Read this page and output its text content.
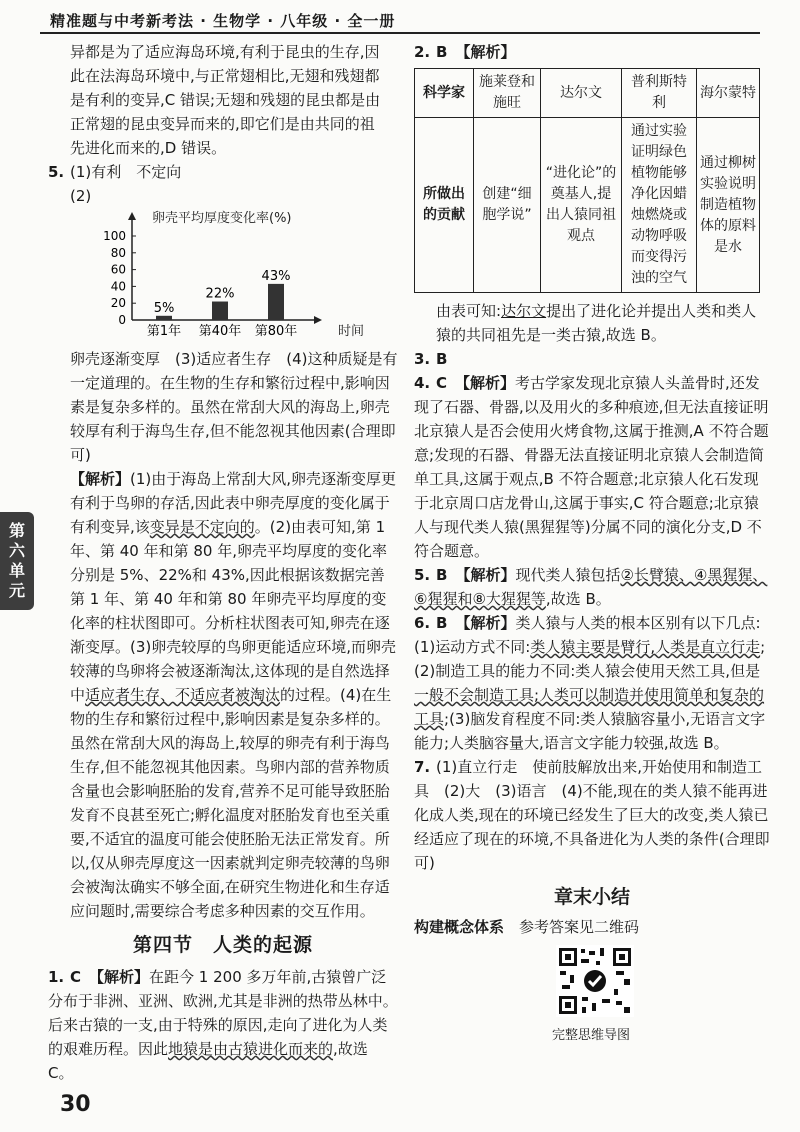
精准题与中考新考法 · 生物学 · 八年级 · 全一册

异都是为了适应海岛环境,有利于昆虫的生存,因

此在法海岛环境中,与正常翅相比,无翅和残翅都

是有利的变异,C 错误;无翅和残翅的昆虫都是由

正常翅的昆虫变异而来的,即它们是由共同的祖

先进化而来的,D 错误。

5. (1)有利　不定向

(2)

卵壳平均厚度变化率(%)
100
80
60
40
20
0
5%
第1年
22%
第40年
43%
第80年	时间

卵壳逐渐变厚　(3)适应者生存　(4)这种质疑是有一定道理的。在生物的生存和繁衍过程中,影响因素是复杂多样的。虽然在常刮大风的海岛上,卵壳较厚有利于海鸟生存,但不能忽视其他因素(合理即可)

【解析】(1)由于海岛上常刮大风,卵壳逐渐变厚更有利于鸟卵的存活,因此表中卵壳厚度的变化属于有利变异,该变异是不定向的。(2)由表可知,第 1 年、第 40 年和第 80 年,卵壳平均厚度的变化率分别是 5%、22%和 43%,因此根据该数据完善第 1 年、第 40 年和第 80 年卵壳平均厚度的变化率的柱状图即可。分析柱状图表可知,卵壳在逐渐变厚。(3)卵壳较厚的鸟卵更能适应环境,而卵壳较薄的鸟卵将会被逐渐淘汰,这体现的是自然选择中适应者生存、不适应者被淘汰的过程。(4)在生物的生存和繁衍过程中,影响因素是复杂多样的。虽然在常刮大风的海岛上,较厚的卵壳有利于海鸟生存,但不能忽视其他因素。鸟卵内部的营养物质含量也会影响胚胎的发育,营养不足可能导致胚胎发育不良甚至死亡;孵化温度对胚胎发育也至关重要,不适宜的温度可能会使胚胎无法正常发育。所以,仅从卵壳厚度这一因素就判定卵壳较薄的鸟卵会被淘汰确实不够全面,在研究生物进化和生存适应问题时,需要综合考虑多种因素的交互作用。

第四节　人类的起源

1. C 【解析】在距今 1 200 多万年前,古猿曾广泛分布于非洲、亚洲、欧洲,尤其是非洲的热带丛林中。后来古猿的一支,由于特殊的原因,走向了进化为人类的艰难历程。因此地猿是由古猿进化而来的,故选 C。

2. B 【解析】

科学家	施莱登和施旺	达尔文	普利斯特利	海尔蒙特
所做出的贡献	创建“细胞学说”	“进化论”的奠基人,提出人猿同祖观点	通过实验证明绿色植物能够净化因蜡烛燃烧或动物呼吸而变得污浊的空气	通过柳树实验说明制造植物体的原料是水

由表可知:达尔文提出了进化论并提出人类和类人猿的共同祖先是一类古猿,故选 B。

3. B

4. C 【解析】考古学家发现北京猿人头盖骨时,还发现了石器、骨器,以及用火的多种痕迹,但无法直接证明北京猿人是否会使用火烤食物,这属于推测,A 不符合题意;发现的石器、骨器无法直接证明北京猿人会制造简单工具,这属于观点,B 不符合题意;北京猿人化石发现于北京周口店龙骨山,这属于事实,C 符合题意;北京猿人与现代类人猿(黑猩猩等)分属不同的演化分支,D 不符合题意。

5. B 【解析】现代类人猿包括②长臂猿、④黑猩猩、⑥猩猩和⑧大猩猩等,故选 B。

6. B 【解析】类人猿与人类的根本区别有以下几点:(1)运动方式不同:类人猿主要是臂行,人类是直立行走;(2)制造工具的能力不同:类人猿会使用天然工具,但是一般不会制造工具;人类可以制造并使用简单和复杂的工具;(3)脑发育程度不同:类人猿脑容量小,无语言文字能力;人类脑容量大,语言文字能力较强,故选 B。

7. (1)直立行走　使前肢解放出来,开始使用和制造工具　(2)大　(3)语言　(4)不能,现在的类人猿不能再进化成人类,现在的环境已经发生了巨大的改变,类人猿已经适应了现在的环境,不具备进化为人类的条件(合理即可)

章末小结

构建概念体系　 参考答案见二维码

完整思维导图
第
六
单
元
30
